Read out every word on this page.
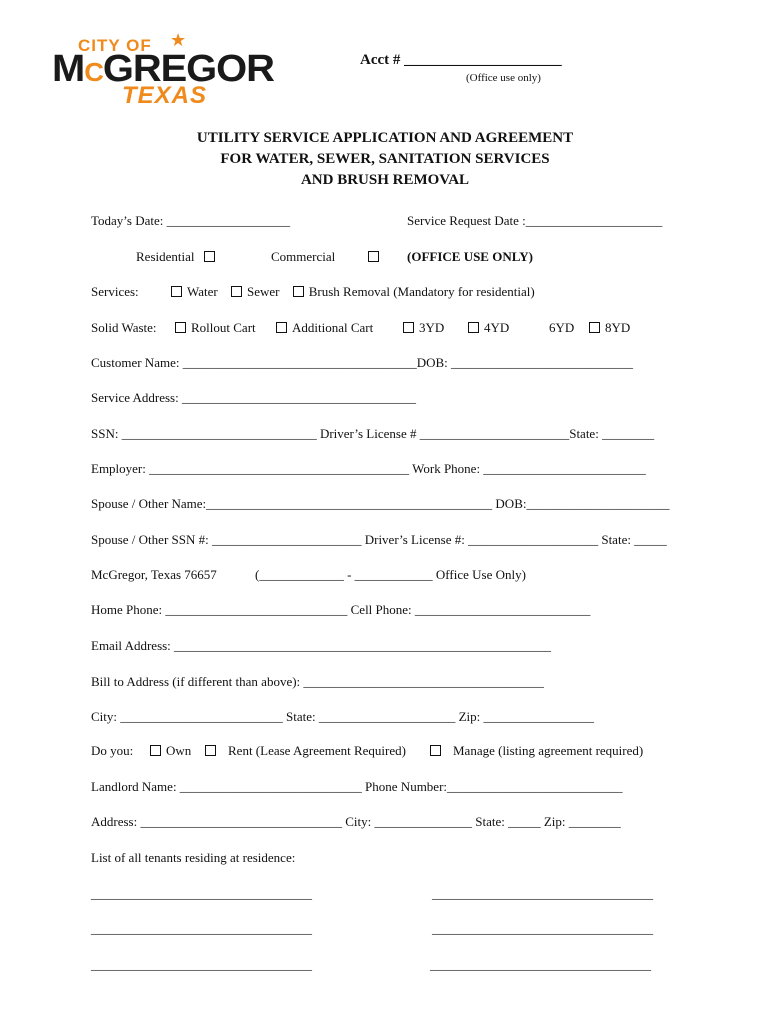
CITY OF ★
MCGREGOR
TEXAS
Acct # _____________________
(Office use only)
UTILITY SERVICE APPLICATION AND AGREEMENT
FOR WATER, SEWER, SANITATION SERVICES
AND BRUSH REMOVAL
Today’s Date: ___________________	Service Request Date :_____________________
Residential	Commercial	(OFFICE USE ONLY)
Services:	Water Sewer Brush Removal (Mandatory for residential)
Solid Waste:	Rollout Cart	Additional Cart	3YD	4YD	6YD	8YD
Customer Name: ____________________________________DOB: ____________________________
Service Address: ____________________________________
SSN: ______________________________ Driver’s License # _______________________State: ________
Employer: ________________________________________ Work Phone: _________________________
Spouse / Other Name:____________________________________________ DOB:______________________
Spouse / Other SSN #: _______________________ Driver’s License #: ____________________ State: _____
McGregor, Texas 76657	(_____________ - ____________ Office Use Only)
Home Phone: ____________________________ Cell Phone: ___________________________
Email Address: __________________________________________________________
Bill to Address (if different than above): _____________________________________
City: _________________________ State: _____________________ Zip: _________________
Do you:	Own	Rent (Lease Agreement Required)	Manage (listing agreement required)
Landlord Name: ____________________________ Phone Number:___________________________
Address: _______________________________ City: _______________ State: _____ Zip: ________
List of all tenants residing at residence:
__________________________________	__________________________________
__________________________________	__________________________________
__________________________________	__________________________________
